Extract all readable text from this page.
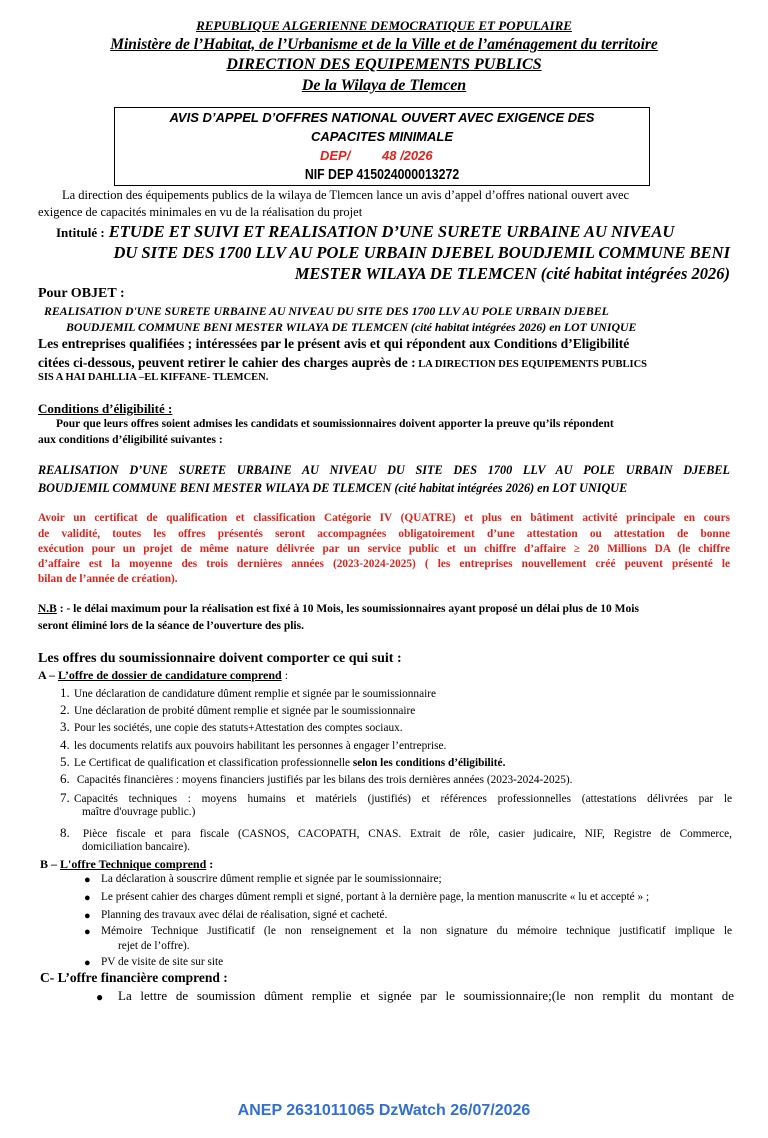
REPUBLIQUE ALGERIENNE DEMOCRATIQUE ET POPULAIRE
Ministère de l’Habitat, de l’Urbanisme et de la Ville et de l’aménagement du territoire
DIRECTION DES EQUIPEMENTS PUBLICS
De la Wilaya de Tlemcen
AVIS D’APPEL D’OFFRES NATIONAL OUVERT AVEC EXIGENCE DES
CAPACITES MINIMALE
DEP/ 48 /2026
NIF DEP 415024000013272
La direction des équipements publics de la wilaya de Tlemcen lance un avis d’appel d’offres national ouvert avec
exigence de capacités minimales en vu de la réalisation du projet
Intitulé : ETUDE ET SUIVI ET REALISATION D’UNE SURETE URBAINE AU NIVEAU
DU SITE DES 1700 LLV AU POLE URBAIN DJEBEL BOUDJEMIL COMMUNE BENI
MESTER WILAYA DE TLEMCEN (cité habitat intégrées 2026)
Pour OBJET :
REALISATION D'UNE SURETE URBAINE AU NIVEAU DU SITE DES 1700 LLV AU POLE URBAIN DJEBEL
BOUDJEMIL COMMUNE BENI MESTER WILAYA DE TLEMCEN (cité habitat intégrées 2026) en LOT UNIQUE
Les entreprises qualifiées ; intéressées par le présent avis et qui répondent aux Conditions d’Eligibilité
citées ci-dessous, peuvent retirer le cahier des charges auprès de : LA DIRECTION DES EQUIPEMENTS PUBLICS
SIS A HAI DAHLLIA –EL KIFFANE- TLEMCEN.
Conditions d’éligibilité :
Pour que leurs offres soient admises les candidats et soumissionnaires doivent apporter la preuve qu’ils répondent
aux conditions d’éligibilité suivantes :
REALISATION D’UNE SURETE URBAINE AU NIVEAU DU SITE DES 1700 LLV AU POLE URBAIN DJEBEL
BOUDJEMIL COMMUNE BENI MESTER WILAYA DE TLEMCEN (cité habitat intégrées 2026) en LOT UNIQUE
Avoir un certificat de qualification et classification Catégorie IV (QUATRE) et plus en bâtiment activité principale en cours
de validité, toutes les offres présentés seront accompagnées obligatoirement d’une attestation ou attestation de bonne
exécution pour un projet de même nature délivrée par un service public et un chiffre d’affaire ≥ 20 Millions DA (le chiffre
d’affaire est la moyenne des trois dernières années (2023-2024-2025) ( les entreprises nouvellement créé peuvent présenté le
bilan de l’année de création).
N.B : - le délai maximum pour la réalisation est fixé à 10 Mois, les soumissionnaires ayant proposé un délai plus de 10 Mois
seront éliminé lors de la séance de l’ouverture des plis.
Les offres du soumissionnaire doivent comporter ce qui suit :
A – L’offre de dossier de candidature comprend :
1. Une déclaration de candidature dûment remplie et signée par le soumissionnaire
2. Une déclaration de probité dûment remplie et signée par le soumissionnaire
3. Pour les sociétés, une copie des statuts+Attestation des comptes sociaux.
4. les documents relatifs aux pouvoirs habilitant les personnes à engager l’entreprise.
5. Le Certificat de qualification et classification professionnelle selon les conditions d’éligibilité.
6. Capacités financières : moyens financiers justifiés par les bilans des trois dernières années (2023-2024-2025).
7. Capacités techniques : moyens humains et matériels (justifiés) et références professionnelles (attestations délivrées par le
maître d'ouvrage public.)
8. Pièce fiscale et para fiscale (CASNOS, CACOPATH, CNAS. Extrait de rôle, casier judicaire, NIF, Registre de Commerce,
domiciliation bancaire).
B – L'offre Technique comprend :
● La déclaration à souscrire dûment remplie et signée par le soumissionnaire;
● Le présent cahier des charges dûment rempli et signé, portant à la dernière page, la mention manuscrite « lu et accepté » ;
● Planning des travaux avec délai de réalisation, signé et cacheté.
● Mémoire Technique Justificatif (le non renseignement et la non signature du mémoire technique justificatif implique le
rejet de l’offre).
● PV de visite de site sur site
C- L’offre financière comprend :
● La lettre de soumission dûment remplie et signée par le soumissionnaire;(le non remplit du montant de
ANEP 2631011065 DzWatch 26/07/2026
